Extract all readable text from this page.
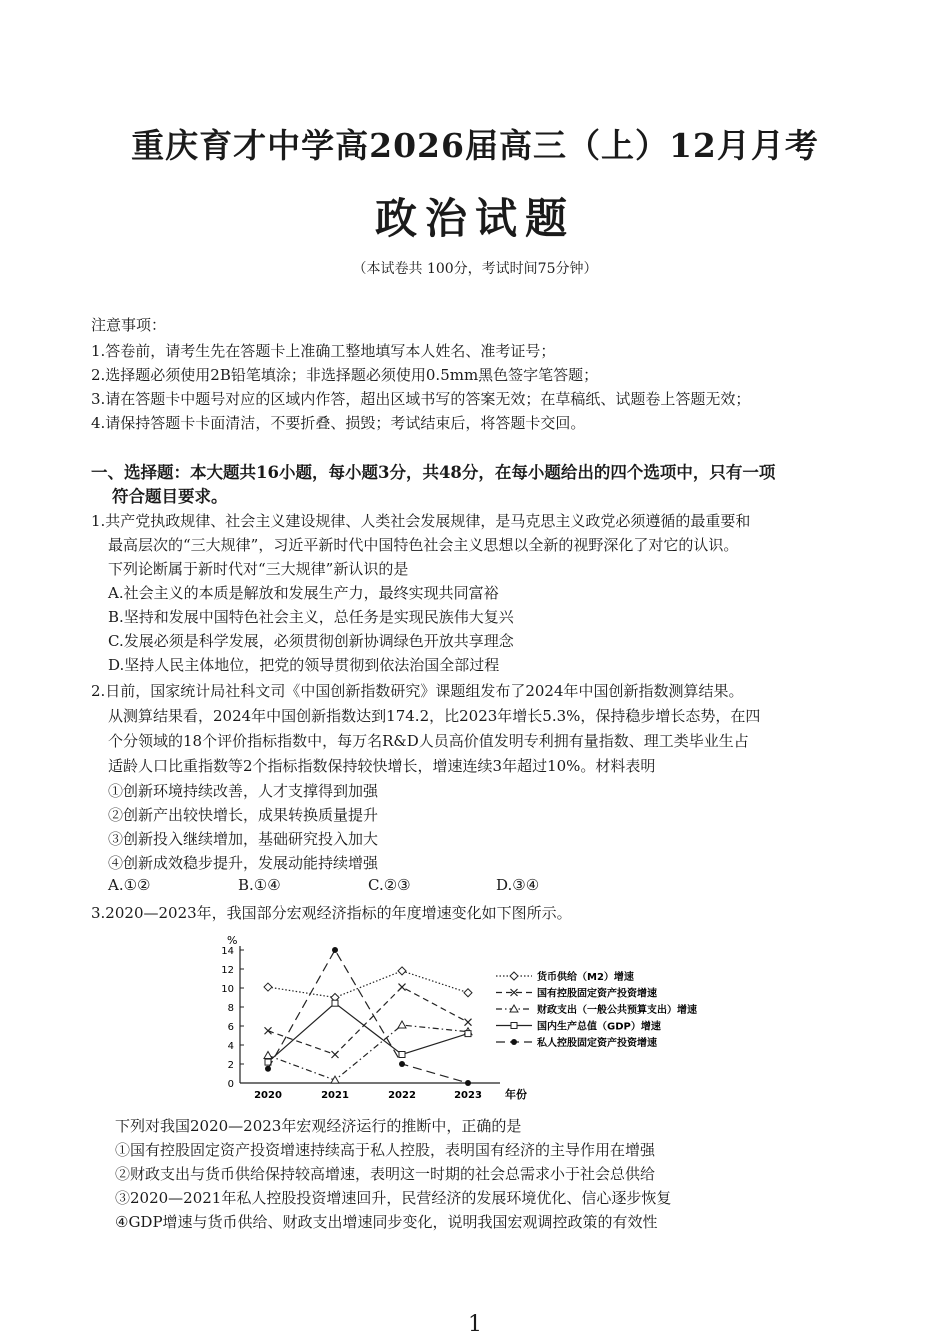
重庆育才中学高2026届高三（上）12月月考
政治试题
（本试卷共 100分，考试时间75分钟）
注意事项：
1.答卷前，请考生先在答题卡上准确工整地填写本人姓名、准考证号；
2.选择题必须使用2B铅笔填涂；非选择题必须使用0.5mm黑色签字笔答题；
3.请在答题卡中题号对应的区域内作答，超出区域书写的答案无效；在草稿纸、试题卷上答题无效；
4.请保持答题卡卡面清洁，不要折叠、损毁；考试结束后，将答题卡交回。
一、选择题：本大题共16小题，每小题3分，共48分，在每小题给出的四个选项中，只有一项
符合题目要求。
1.共产党执政规律、社会主义建设规律、人类社会发展规律，是马克思主义政党必须遵循的最重要和
最高层次的“三大规律”，习近平新时代中国特色社会主义思想以全新的视野深化了对它的认识。
下列论断属于新时代对“三大规律”新认识的是
A.社会主义的本质是解放和发展生产力，最终实现共同富裕
B.坚持和发展中国特色社会主义，总任务是实现民族伟大复兴
C.发展必须是科学发展，必须贯彻创新协调绿色开放共享理念
D.坚持人民主体地位，把党的领导贯彻到依法治国全部过程
2.日前，国家统计局社科文司《中国创新指数研究》课题组发布了2024年中国创新指数测算结果。
从测算结果看，2024年中国创新指数达到174.2，比2023年增长5.3%，保持稳步增长态势，在四
个分领域的18个评价指标指数中，每万名R&D人员高价值发明专利拥有量指数、理工类毕业生占
适龄人口比重指数等2个指标指数保持较快增长，增速连续3年超过10%。材料表明
①创新环境持续改善，人才支撑得到加强
②创新产出较快增长，成果转换质量提升
③创新投入继续增加，基础研究投入加大
④创新成效稳步提升，发展动能持续增强
A.①②	B.①④	C.②③	D.③④
3.2020—2023年，我国部分宏观经济指标的年度增速变化如下图所示。
%
0
2
4
6
8
10
12
14
2020	2021	2022	2023 年份
货币供给（M2）增速
国有控股固定资产投资增速
财政支出（一般公共预算支出）增速
国内生产总值（GDP）增速
私人控股固定资产投资增速
下列对我国2020—2023年宏观经济运行的推断中，正确的是
①国有控股固定资产投资增速持续高于私人控股，表明国有经济的主导作用在增强
②财政支出与货币供给保持较高增速，表明这一时期的社会总需求小于社会总供给
③2020—2021年私人控股投资增速回升，民营经济的发展环境优化、信心逐步恢复
④GDP增速与货币供给、财政支出增速同步变化，说明我国宏观调控政策的有效性
1
